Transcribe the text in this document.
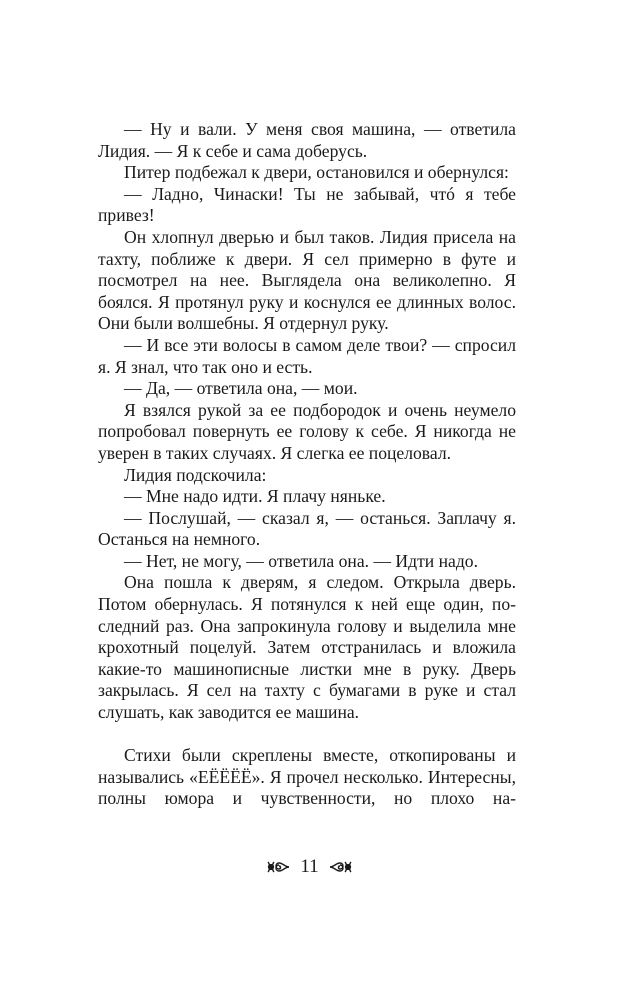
— Ну и вали. У меня своя машина, — ответила Лидия. — Я к себе и сама доберусь.

Питер подбежал к двери, остановился и обернулся:

— Ладно, Чинаски! Ты не забывай, чтó я тебе привез!

Он хлопнул дверью и был таков. Лидия присела на тахту, поближе к двери. Я сел примерно в футе и посмотрел на нее. Выглядела она великолепно. Я боялся. Я протянул руку и коснулся ее длинных волос. Они были волшебны. Я отдернул руку.

— И все эти волосы в самом деле твои? — спросил я. Я знал, что так оно и есть.

— Да, — ответила она, — мои.

Я взялся рукой за ее подбородок и очень неумело попробовал повернуть ее голову к себе. Я никогда не уверен в таких случаях. Я слегка ее поцеловал.

Лидия подскочила:

— Мне надо идти. Я плачу няньке.

— Послушай, — сказал я, — останься. Заплачу я. Останься на немного.

— Нет, не могу, — ответила она. — Идти надо.

Она пошла к дверям, я следом. Открыла дверь. Потом обернулась. Я потянулся к ней еще один, последний раз. Она запрокинула голову и выделила мне крохотный поцелуй. Затем отстранилась и вложила какие-то машинописные листки мне в руку. Дверь закрылась. Я сел на тахту с бумагами в руке и стал слушать, как заводится ее машина.

Стихи были скреплены вместе, откопированы и назывались «ЕЁЁЁЁ». Я прочел несколько. Интересны, полны юмора и чувственности, но плохо на-

11
